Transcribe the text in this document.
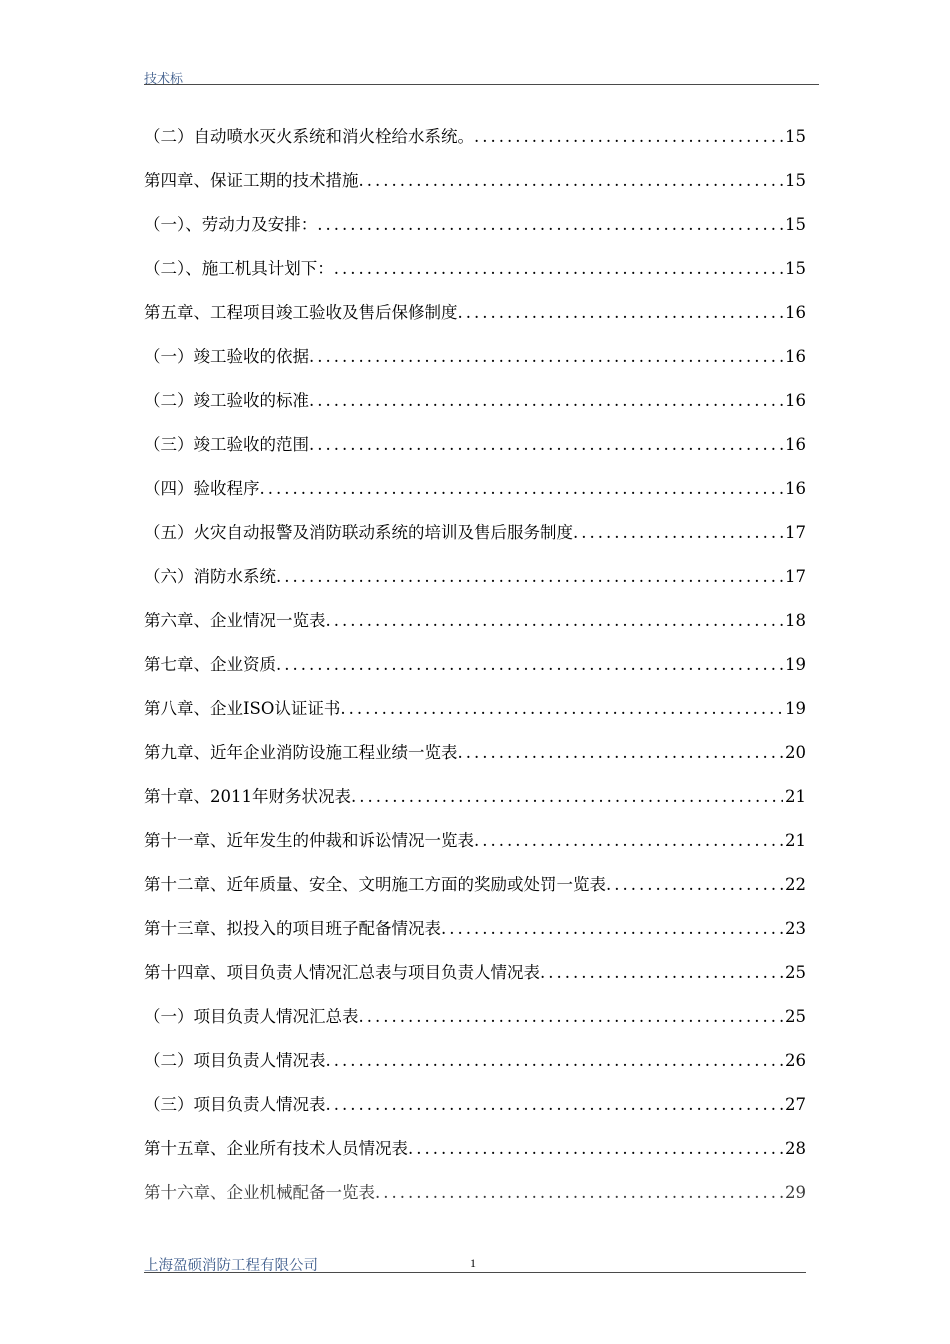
技术标
（二）自动喷水灭火系统和消火栓给水系统。 .....	15
第四章、保证工期的技术措施 .....	15
（一）、劳动力及安排： .....	15
（二）、施工机具计划下： .....	15
第五章、工程项目竣工验收及售后保修制度 .....	16
（一）竣工验收的依据 .....	16
（二）竣工验收的标准 .....	16
（三）竣工验收的范围 .....	16
（四）验收程序 .....	16
（五）火灾自动报警及消防联动系统的培训及售后服务制度 .....	17
（六）消防水系统 .....	17
第六章、企业情况一览表 .....	18
第七章、企业资质 .....	19
第八章、企业ISO认证证书 .....	19
第九章、近年企业消防设施工程业绩一览表 .....	20
第十章、2011年财务状况表 .....	21
第十一章、近年发生的仲裁和诉讼情况一览表 .....	21
第十二章、近年质量、安全、文明施工方面的奖励或处罚一览表 .....	22
第十三章、拟投入的项目班子配备情况表 .....	23
第十四章、项目负责人情况汇总表与项目负责人情况表 .....	25
（一）项目负责人情况汇总表 .....	25
（二）项目负责人情况表 .....	26
（三）项目负责人情况表 .....	27
第十五章、企业所有技术人员情况表 .....	28
第十六章、企业机械配备一览表 .....	29
上海盈硕消防工程有限公司	1
